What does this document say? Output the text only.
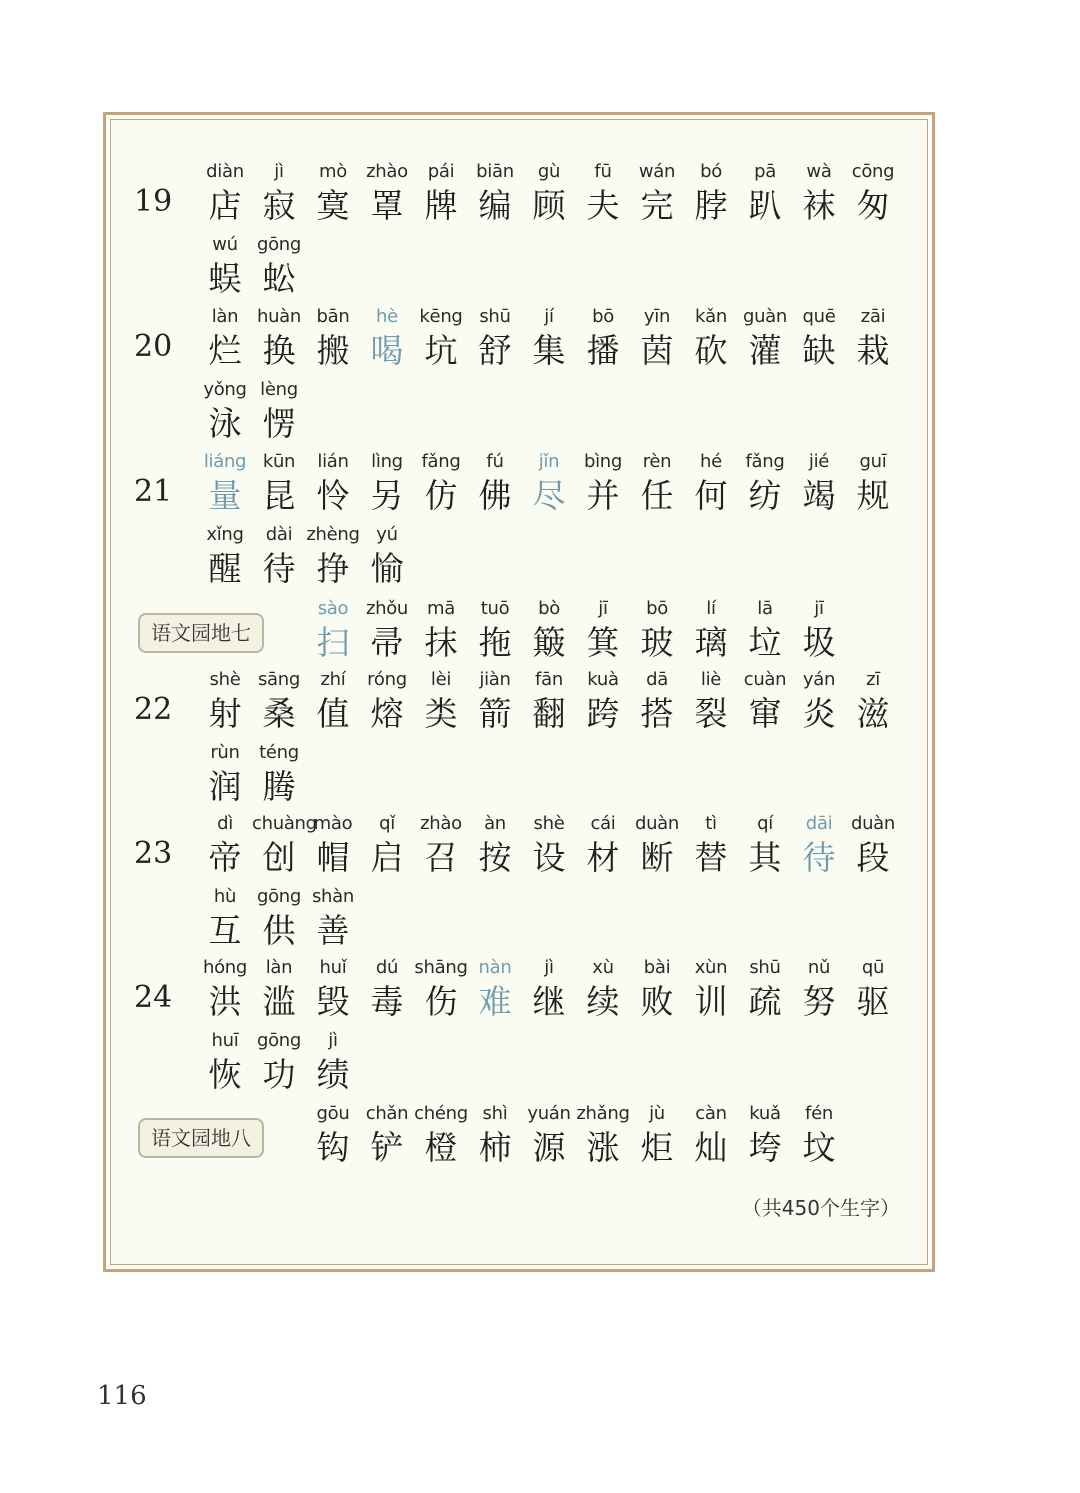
19
diàn
店
jì
寂
mò
寞
zhào
罩
pái
牌
biān
编
gù
顾
fū
夫
wán
完
bó
脖
pā
趴
wà
袜
cōng
匆
wú
蜈
gōng
蚣
20
làn
烂
huàn
换
bān
搬
hè
喝
kēng
坑
shū
舒
jí
集
bō
播
yīn
茵
kǎn
砍
guàn
灌
quē
缺
zāi
栽
yǒng
泳
lèng
愣
21
liáng
量
kūn
昆
lián
怜
lìng
另
fǎng
仿
fú
佛
jǐn
尽
bìng
并
rèn
任
hé
何
fǎng
纺
jié
竭
guī
规
xǐng
醒
dài
待
zhèng
挣
yú
愉
语文园地七
sào
扫
zhǒu
帚
mā
抹
tuō
拖
bò
簸
jī
箕
bō
玻
lí
璃
lā
垃
jī
圾
22
shè
射
sāng
桑
zhí
值
róng
熔
lèi
类
jiàn
箭
fān
翻
kuà
跨
dā
搭
liè
裂
cuàn
窜
yán
炎
zī
滋
rùn
润
téng
腾
23
dì
帝
chuàng
创
mào
帽
qǐ
启
zhào
召
àn
按
shè
设
cái
材
duàn
断
tì
替
qí
其
dāi
待
duàn
段
hù
互
gōng
供
shàn
善
24
hóng
洪
làn
滥
huǐ
毁
dú
毒
shāng
伤
nàn
难
jì
继
xù
续
bài
败
xùn
训
shū
疏
nǔ
努
qū
驱
huī
恢
gōng
功
jì
绩
语文园地八
gōu
钩
chǎn
铲
chéng
橙
shì
柿
yuán
源
zhǎng
涨
jù
炬
càn
灿
kuǎ
垮
fén
坟
（共450个生字）
116
